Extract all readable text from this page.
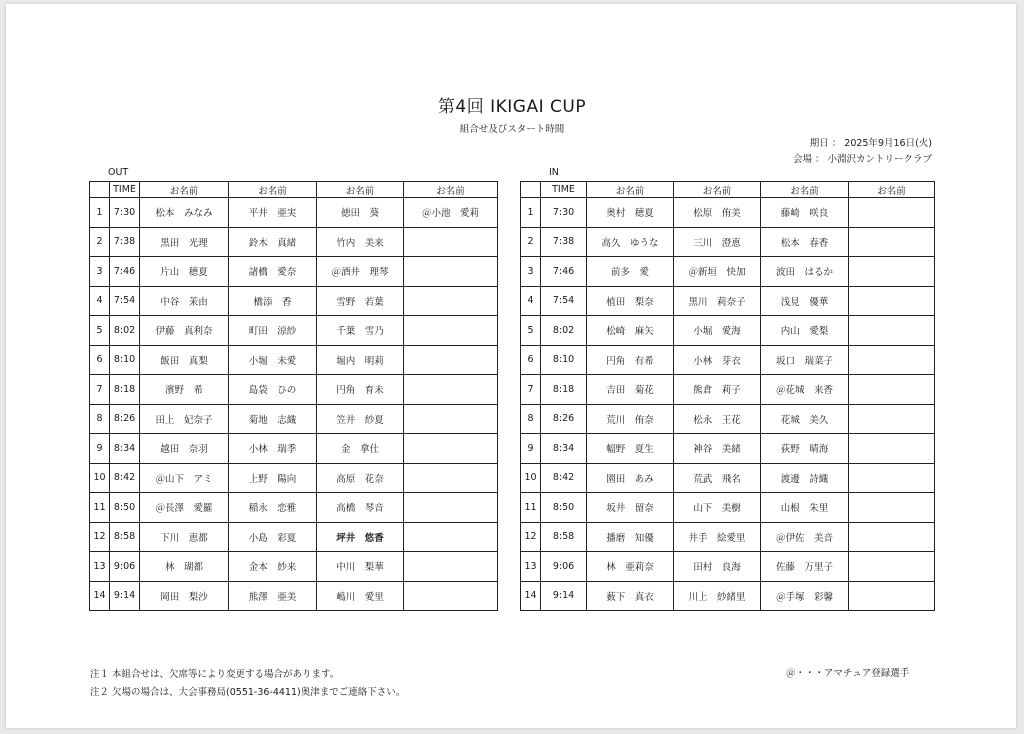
第4回 IKIGAI CUP
組合せ及びスタート時間
期日 ： 2025年9月16日(火)
会場 ： 小淵沢カントリークラブ
OUT	IN
	TIME	お名前	お名前	お名前	お名前
1	7:30	松本　みなみ	平井　亜実	徳田　葵	＠小池　愛莉
2	7:38	黒田　光理	鈴木　真緒	竹内　美来	
3	7:46	片山　穂夏	諸橋　愛奈	＠酒井　理琴	
4	7:54	中谷　茉由	橋添　香	雪野　若葉	
5	8:02	伊藤　真利奈	町田　涼紗	千葉　雪乃	
6	8:10	飯田　真梨	小堀　未愛	堀内　明莉	
7	8:18	濱野　希	島袋　ひの	円角　育未	
8	8:26	田上　妃奈子	菊地　志織	笠井　紗夏	
9	8:34	越田　奈羽	小林　瑞季	金　拿仕	
10	8:42	＠山下　アミ	上野　陽向	高原　花奈	
11	8:50	＠長澤　愛羅	稲永　恋雅	高橋　琴音	
12	8:58	下川　恵都	小島　彩夏	坪井　悠香	
13	9:06	林　瑚都	金本　紗来	中川　梨華	
14	9:14	岡田　梨沙	熊澤　亜美	嶋川　愛里	
	TIME	お名前	お名前	お名前	お名前
1	7:30	奥村　穂夏	松原　侑美	藤崎　咲良	
2	7:38	高久　ゆうな	三川　澄恵	松本　春香	
3	7:46	前多　愛	＠新垣　快加	波田　はるか	
4	7:54	植田　梨奈	黒川　莉奈子	浅見　優華	
5	8:02	松崎　麻矢	小堀　愛海	内山　愛梨	
6	8:10	円角　有希	小林　芽衣	坂口　瑞菜子	
7	8:18	吉田　菊花	熊倉　莉子	＠花城　来香	
8	8:26	荒川　侑奈	松永　王花	花城　美久	
9	8:34	幅野　夏生	神谷　美緒	荻野　晴海	
10	8:42	園田　あみ	荒武　飛名	渡邊　詩織	
11	8:50	坂井　留奈	山下　美樹	山根　朱里	
12	8:58	播磨　知優	井手　絵愛里	＠伊佐　美音	
13	9:06	林　亜莉奈	田村　良海	佐藤　万里子	
14	9:14	薮下　真衣	川上　紗緒里	＠手塚　彩馨	
注１ 本組合せは、欠席等により変更する場合があります。
注２ 欠場の場合は、大会事務局(0551-36-4411)奥津までご連絡下さい。
＠・・・アマチュア登録選手
